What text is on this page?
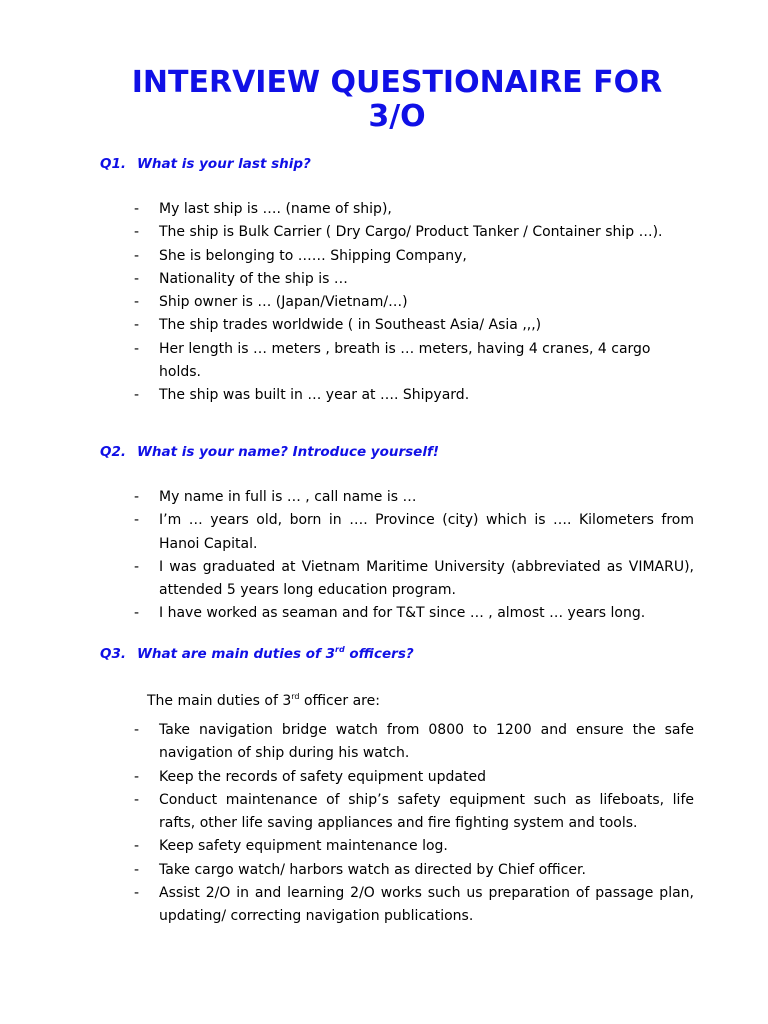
INTERVIEW QUESTIONAIRE FOR 3/O

Q1. What is your last ship?

- My last ship is …. (name of ship),
- The ship is Bulk Carrier ( Dry Cargo/ Product Tanker / Container ship …).
- She is belonging to …… Shipping Company,
- Nationality of the ship is …
- Ship owner is … (Japan/Vietnam/…)
- The ship trades worldwide ( in Southeast Asia/ Asia ,,,)
- Her length is … meters , breath is … meters, having 4 cranes, 4 cargo holds.
- The ship was built in … year at …. Shipyard.

Q2. What is your name? Introduce yourself!

- My name in full is … , call name is …
- I’m … years old, born in …. Province (city) which is …. Kilometers from Hanoi Capital.
- I was graduated at Vietnam Maritime University (abbreviated as VIMARU), attended 5 years long education program.
- I have worked as seaman and for T&T since … , almost … years long.

Q3. What are main duties of 3rd officers?

The main duties of 3rd officer are:

- Take navigation bridge watch from 0800 to 1200 and ensure the safe navigation of ship during his watch.
- Keep the records of safety equipment updated
- Conduct maintenance of ship’s safety equipment such as lifeboats, life rafts, other life saving appliances and fire fighting system and tools.
- Keep safety equipment maintenance log.
- Take cargo watch/ harbors watch as directed by Chief officer.
- Assist 2/O in and learning 2/O works such us preparation of passage plan, updating/ correcting navigation publications.
